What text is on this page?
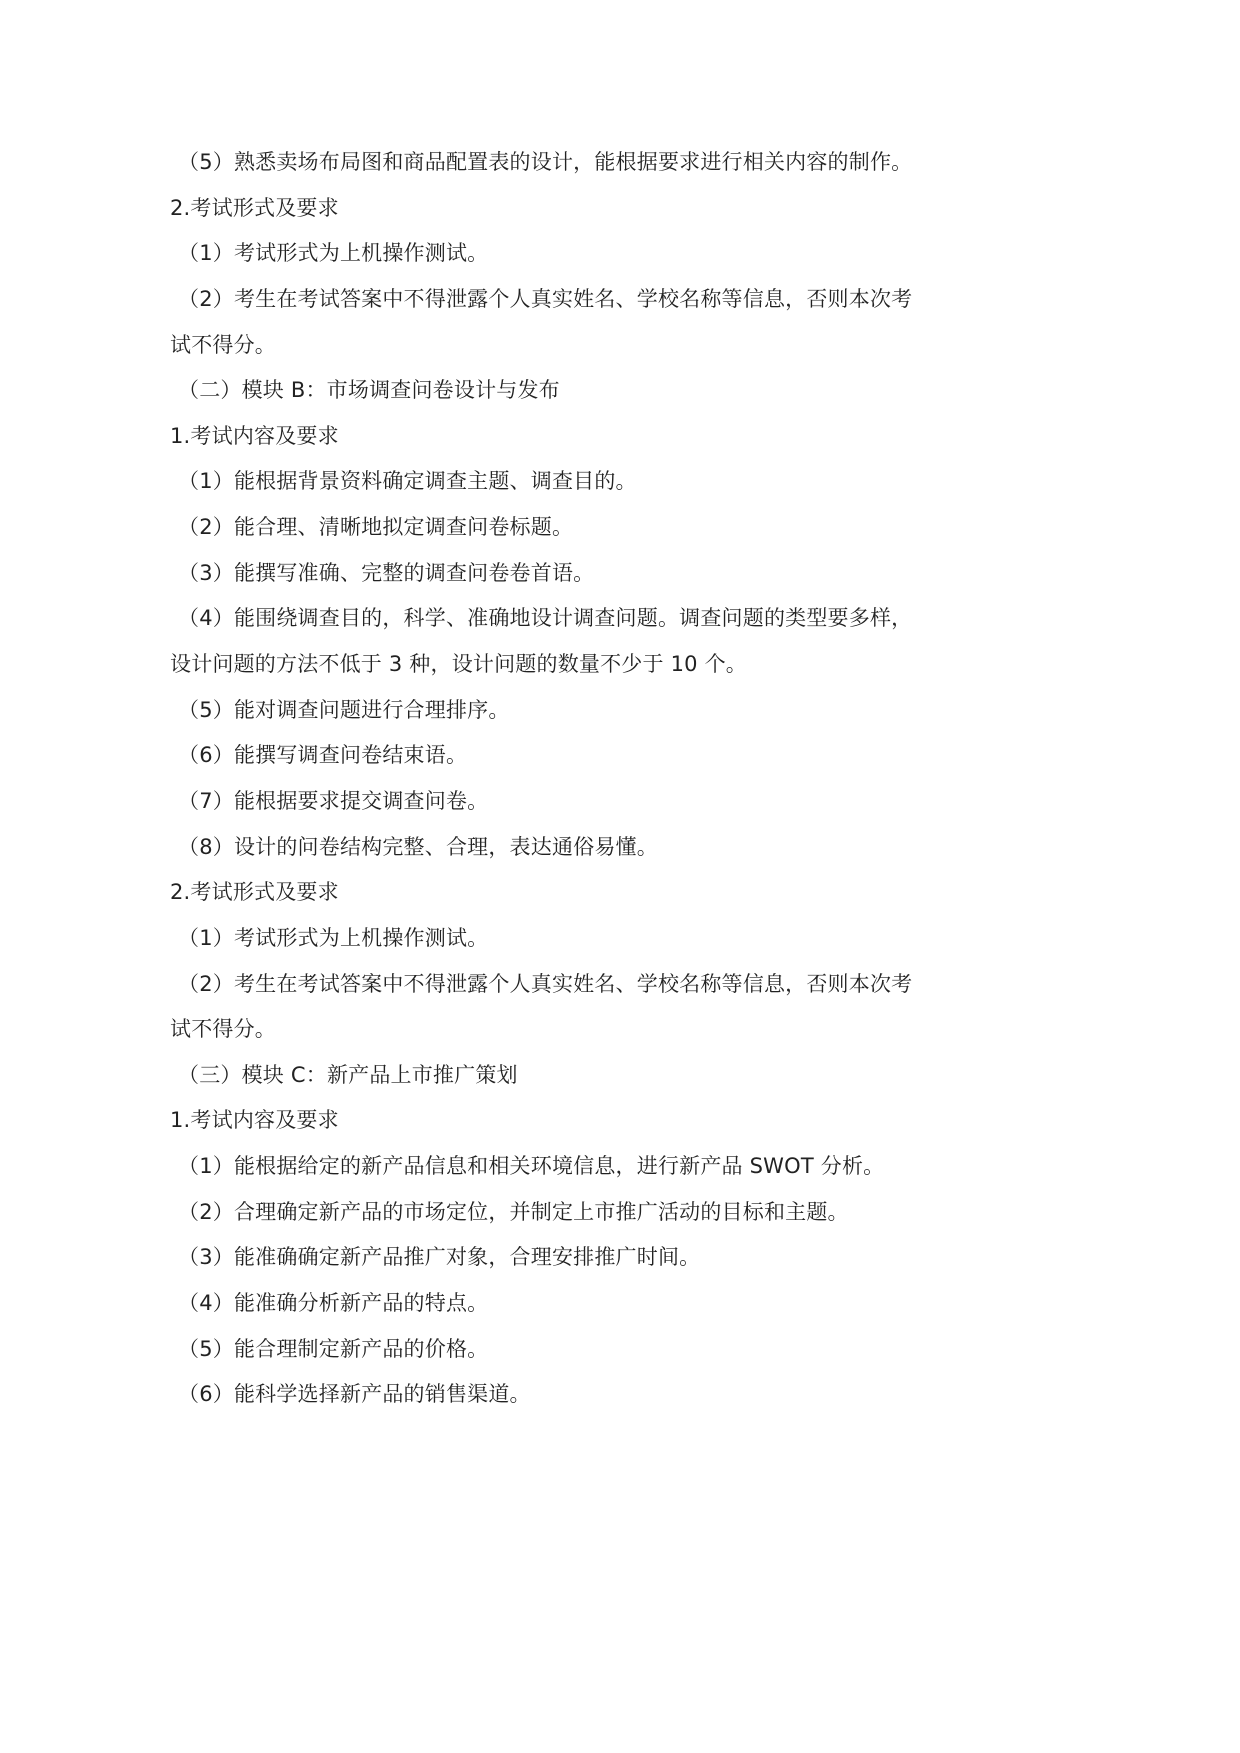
（5）熟悉卖场布局图和商品配置表的设计，能根据要求进行相关内容的制作。
2.考试形式及要求
（1）考试形式为上机操作测试。
（2）考生在考试答案中不得泄露个人真实姓名、学校名称等信息，否则本次考
试不得分。
（二）模块 B：市场调查问卷设计与发布
1.考试内容及要求
（1）能根据背景资料确定调查主题、调查目的。
（2）能合理、清晰地拟定调查问卷标题。
（3）能撰写准确、完整的调查问卷卷首语。
（4）能围绕调查目的，科学、准确地设计调查问题。调查问题的类型要多样，
设计问题的方法不低于 3 种，设计问题的数量不少于 10 个。
（5）能对调查问题进行合理排序。
（6）能撰写调查问卷结束语。
（7）能根据要求提交调查问卷。
（8）设计的问卷结构完整、合理，表达通俗易懂。
2.考试形式及要求
（1）考试形式为上机操作测试。
（2）考生在考试答案中不得泄露个人真实姓名、学校名称等信息，否则本次考
试不得分。
（三）模块 C：新产品上市推广策划
1.考试内容及要求
（1）能根据给定的新产品信息和相关环境信息，进行新产品 SWOT 分析。
（2）合理确定新产品的市场定位，并制定上市推广活动的目标和主题。
（3）能准确确定新产品推广对象，合理安排推广时间。
（4）能准确分析新产品的特点。
（5）能合理制定新产品的价格。
（6）能科学选择新产品的销售渠道。
